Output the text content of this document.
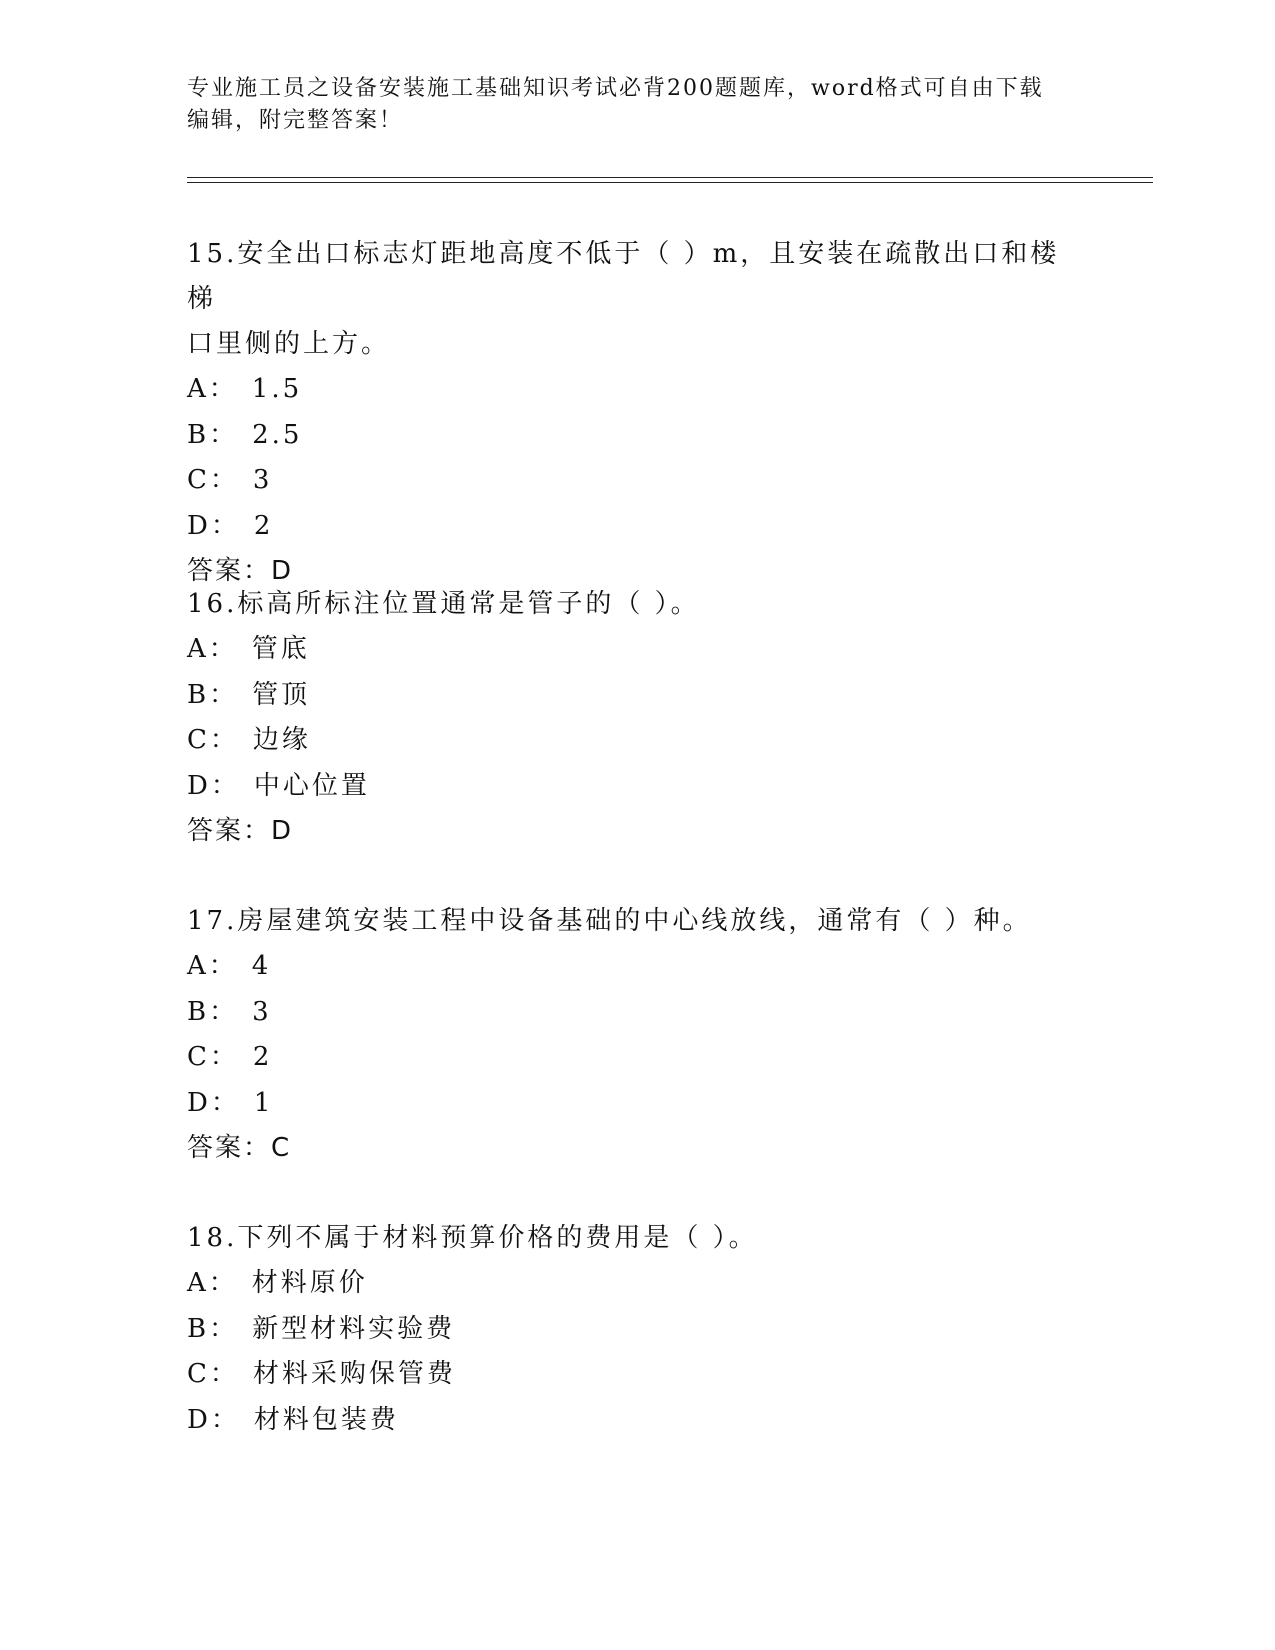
专业施工员之设备安装施工基础知识考试必背200题题库，word格式可自由下载
编辑，附完整答案！
15.安全出口标志灯距地高度不低于（ ）m，且安装在疏散出口和楼梯
口里侧的上方。
A： 1.5
B： 2.5
C： 3
D： 2
答案：D
16.标高所标注位置通常是管子的（ ）。
A： 管底
B： 管顶
C： 边缘
D： 中心位置
答案：D
17.房屋建筑安装工程中设备基础的中心线放线，通常有（ ）种。
A： 4
B： 3
C： 2
D： 1
答案：C
18.下列不属于材料预算价格的费用是（ ）。
A： 材料原价
B： 新型材料实验费
C： 材料采购保管费
D： 材料包装费
